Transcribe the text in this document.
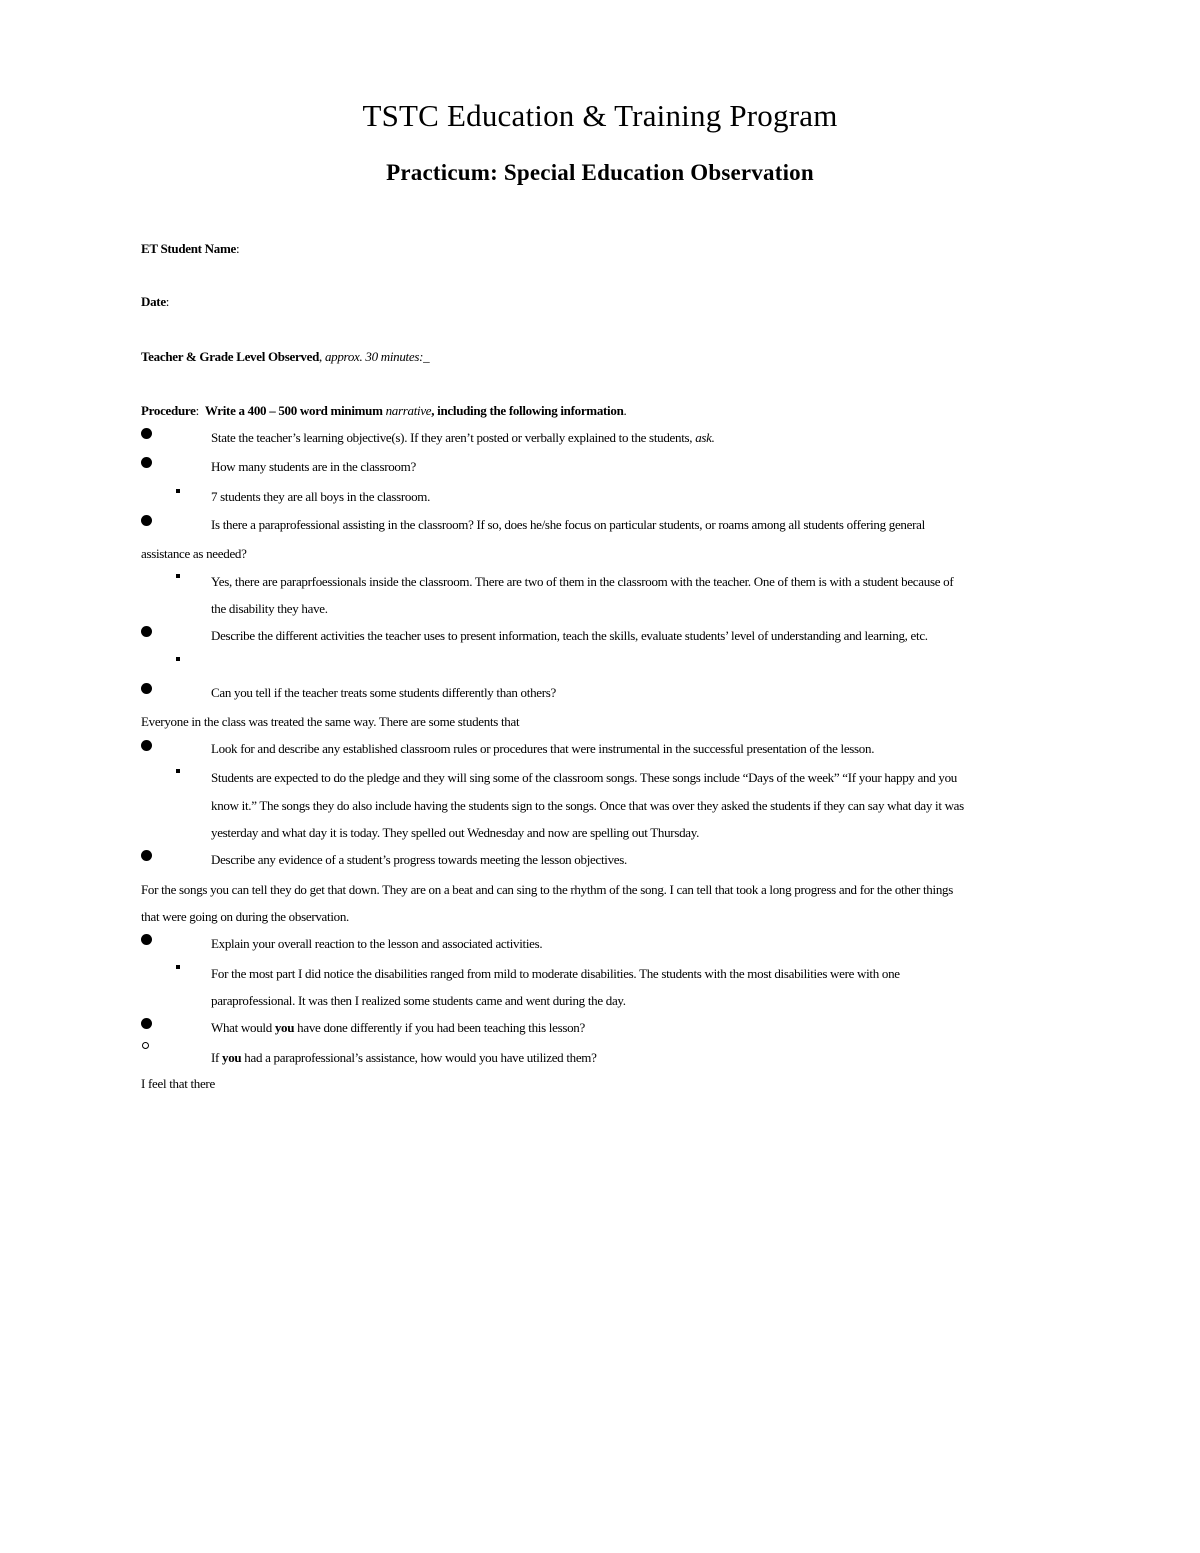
TSTC Education & Training Program
Practicum: Special Education Observation
ET Student Name:
Date:
Teacher & Grade Level Observed, approx. 30 minutes:_
Procedure: Write a 400 – 500 word minimum narrative, including the following information.
State the teacher’s learning objective(s). If they aren’t posted or verbally explained to the students, ask.
How many students are in the classroom?
7 students they are all boys in the classroom.
Is there a paraprofessional assisting in the classroom? If so, does he/she focus on particular students, or roams among all students offering general
assistance as needed?
Yes, there are paraprfoessionals inside the classroom. There are two of them in the classroom with the teacher. One of them is with a student because of
the disability they have.
Describe the different activities the teacher uses to present information, teach the skills, evaluate students’ level of understanding and learning, etc.
Can you tell if the teacher treats some students differently than others?
Everyone in the class was treated the same way. There are some students that
Look for and describe any established classroom rules or procedures that were instrumental in the successful presentation of the lesson.
Students are expected to do the pledge and they will sing some of the classroom songs. These songs include “Days of the week” “If your happy and you
know it.” The songs they do also include having the students sign to the songs. Once that was over they asked the students if they can say what day it was
yesterday and what day it is today. They spelled out Wednesday and now are spelling out Thursday.
Describe any evidence of a student’s progress towards meeting the lesson objectives.
For the songs you can tell they do get that down. They are on a beat and can sing to the rhythm of the song. I can tell that took a long progress and for the other things
that were going on during the observation.
Explain your overall reaction to the lesson and associated activities.
For the most part I did notice the disabilities ranged from mild to moderate disabilities. The students with the most disabilities were with one
paraprofessional. It was then I realized some students came and went during the day.
What would you have done differently if you had been teaching this lesson?
If you had a paraprofessional’s assistance, how would you have utilized them?
I feel that there
